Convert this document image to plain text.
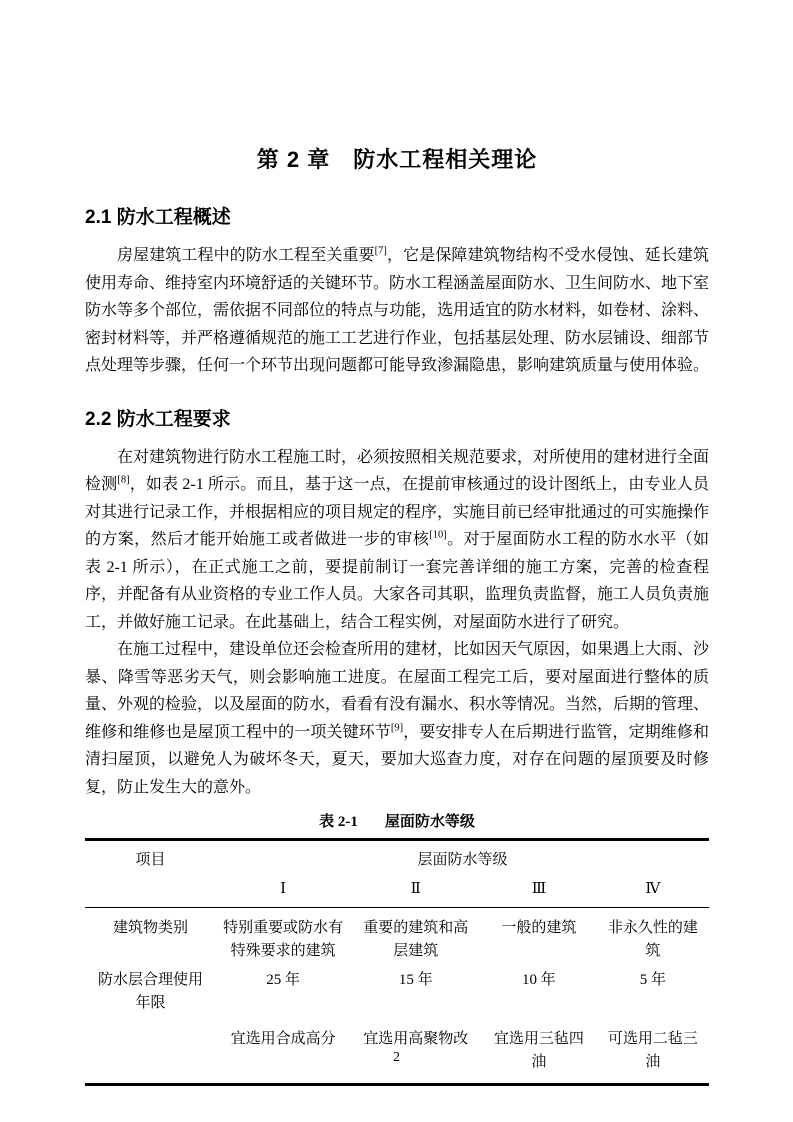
第 2 章　防水工程相关理论
2.1 防水工程概述

房屋建筑工程中的防水工程至关重要[7]，它是保障建筑物结构不受水侵蚀、延长建筑使用寿命、维持室内环境舒适的关键环节。防水工程涵盖屋面防水、卫生间防水、地下室防水等多个部位，需依据不同部位的特点与功能，选用适宜的防水材料，如卷材、涂料、密封材料等，并严格遵循规范的施工工艺进行作业，包括基层处理、防水层铺设、细部节点处理等步骤，任何一个环节出现问题都可能导致渗漏隐患，影响建筑质量与使用体验。

2.2 防水工程要求

在对建筑物进行防水工程施工时，必须按照相关规范要求，对所使用的建材进行全面检测[8]，如表 2-1 所示。而且，基于这一点，在提前审核通过的设计图纸上，由专业人员对其进行记录工作，并根据相应的项目规定的程序，实施目前已经审批通过的可实施操作的方案，然后才能开始施工或者做进一步的审核[10]。对于屋面防水工程的防水水平（如表 2-1 所示），在正式施工之前，要提前制订一套完善详细的施工方案，完善的检查程序，并配备有从业资格的专业工作人员。大家各司其职，监理负责监督，施工人员负责施工，并做好施工记录。在此基础上，结合工程实例，对屋面防水进行了研究。

在施工过程中，建设单位还会检查所用的建材，比如因天气原因，如果遇上大雨、沙暴、降雪等恶劣天气，则会影响施工进度。在屋面工程完工后，要对屋面进行整体的质量、外观的检验，以及屋面的防水，看看有没有漏水、积水等情况。当然，后期的管理、维修和维修也是屋顶工程中的一项关键环节[9]，要安排专人在后期进行监管，定期维修和清扫屋顶，以避免人为破坏冬天，夏天，要加大巡查力度，对存在问题的屋顶要及时修复，防止发生大的意外。

表 2-1 屋面防水等级
项目	层面防水等级			
	Ⅰ	Ⅱ	Ⅲ	Ⅳ
建筑物类别	特别重要或防水有特殊要求的建筑	重要的建筑和高层建筑	一般的建筑	非永久性的建筑
防水层合理使用年限	25 年	15 年	10 年	5 年
	宜选用合成高分	宜选用高聚物改	宜选用三毡四油	可选用二毡三油
2
